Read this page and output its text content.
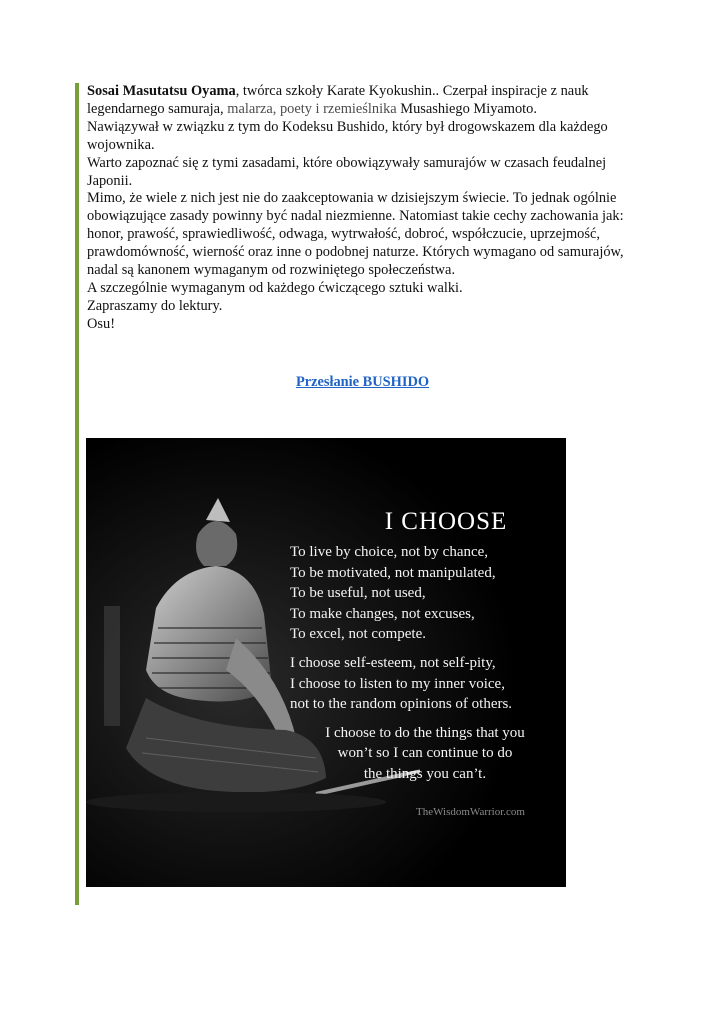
Sosai Masutatsu Oyama, twórca szkoły Karate Kyokushin.. Czerpał inspiracje z nauk

legendarnego samuraja, malarza, poety i rzemieślnika Musashiego Miyamoto.

Nawiązywał w związku z tym do Kodeksu Bushido, który był drogowskazem dla każdego

wojownika.

Warto zapoznać się z tymi zasadami, które obowiązywały samurajów w czasach feudalnej

Japonii.

Mimo, że wiele z nich jest nie do zaakceptowania w dzisiejszym świecie. To jednak ogólnie

obowiązujące zasady powinny być nadal niezmienne. Natomiast takie cechy zachowania jak:

honor, prawość, sprawiedliwość, odwaga, wytrwałość, dobroć, współczucie, uprzejmość,

prawdomówność, wierność oraz inne o podobnej naturze. Których wymagano od samurajów,

nadal są kanonem wymaganym od rozwiniętego społeczeństwa.

A szczególnie wymaganym od każdego ćwiczącego sztuki walki.

Zapraszamy do lektury.

Osu!

Przesłanie BUSHIDO
I CHOOSE
To live by choice, not by chance,
To be motivated, not manipulated,
To be useful, not used,
To make changes, not excuses,
To excel, not compete.
I choose self-esteem, not self-pity,
I choose to listen to my inner voice,
not to the random opinions of others.
I choose to do the things that you
won’t so I can continue to do
the things you can’t.
TheWisdomWarrior.com
